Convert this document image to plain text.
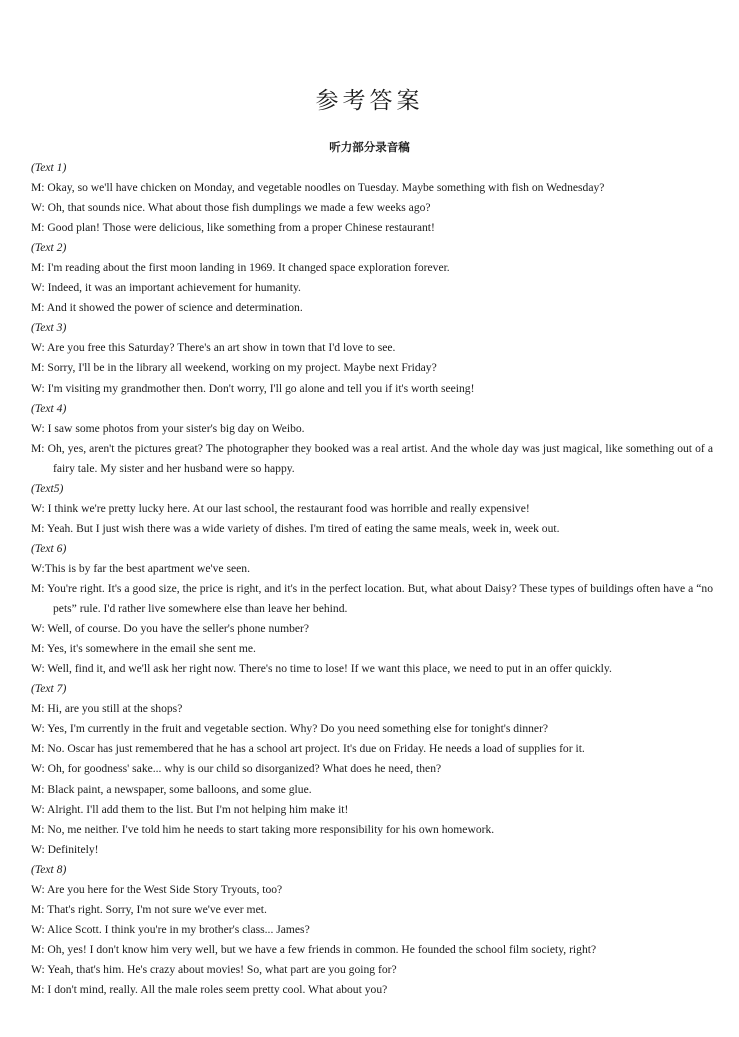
参考答案
听力部分录音稿
(Text 1)
M: Okay, so we'll have chicken on Monday, and vegetable noodles on Tuesday. Maybe something with fish on Wednesday?
W: Oh, that sounds nice. What about those fish dumplings we made a few weeks ago?
M: Good plan! Those were delicious, like something from a proper Chinese restaurant!
(Text 2)
M: I'm reading about the first moon landing in 1969. It changed space exploration forever.
W: Indeed, it was an important achievement for humanity.
M: And it showed the power of science and determination.
(Text 3)
W: Are you free this Saturday? There's an art show in town that I'd love to see.
M: Sorry, I'll be in the library all weekend, working on my project. Maybe next Friday?
W: I'm visiting my grandmother then. Don't worry, I'll go alone and tell you if it's worth seeing!
(Text 4)
W: I saw some photos from your sister's big day on Weibo.
M: Oh, yes, aren't the pictures great? The photographer they booked was a real artist. And the whole day was just magical, like something out of a fairy tale. My sister and her husband were so happy.
(Text5)
W: I think we're pretty lucky here. At our last school, the restaurant food was horrible and really expensive!
M: Yeah. But I just wish there was a wide variety of dishes. I'm tired of eating the same meals, week in, week out.
(Text 6)
W:This is by far the best apartment we've seen.
M: You're right. It's a good size, the price is right, and it's in the perfect location. But, what about Daisy? These types of buildings often have a “no pets” rule. I'd rather live somewhere else than leave her behind.
W: Well, of course. Do you have the seller's phone number?
M: Yes, it's somewhere in the email she sent me.
W: Well, find it, and we'll ask her right now. There's no time to lose! If we want this place, we need to put in an offer quickly.
(Text 7)
M: Hi, are you still at the shops?
W: Yes, I'm currently in the fruit and vegetable section. Why? Do you need something else for tonight's dinner?
M: No. Oscar has just remembered that he has a school art project. It's due on Friday. He needs a load of supplies for it.
W: Oh, for goodness' sake... why is our child so disorganized? What does he need, then?
M: Black paint, a newspaper, some balloons, and some glue.
W: Alright. I'll add them to the list. But I'm not helping him make it!
M: No, me neither. I've told him he needs to start taking more responsibility for his own homework.
W: Definitely!
(Text 8)
W: Are you here for the West Side Story Tryouts, too?
M: That's right. Sorry, I'm not sure we've ever met.
W: Alice Scott. I think you're in my brother's class... James?
M: Oh, yes! I don't know him very well, but we have a few friends in common. He founded the school film society, right?
W: Yeah, that's him. He's crazy about movies! So, what part are you going for?
M: I don't mind, really. All the male roles seem pretty cool. What about you?
